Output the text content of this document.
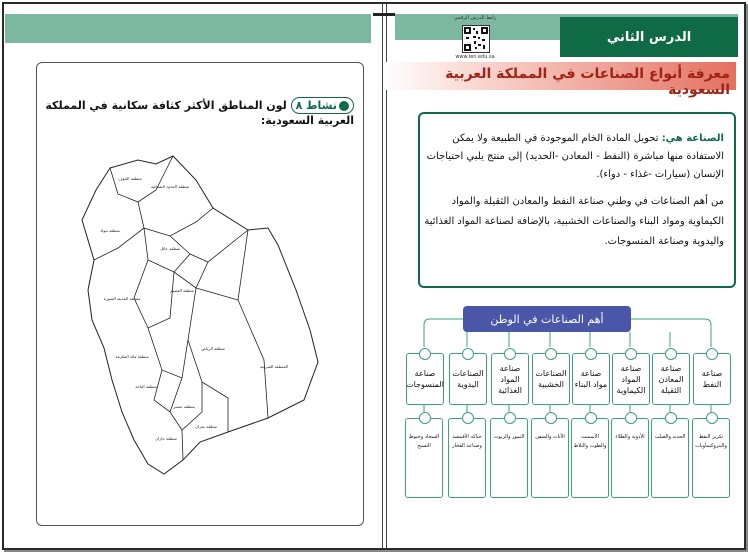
الدرس الثاني
رابط الدرس الرقمي
www.ien.edu.sa
معرفة أنواع الصناعات في المملكة العربية السعودية
الصناعة هي: تحويل المادة الخام الموجودة في الطبيعة ولا يمكن الاستفادة منها مباشرة (النفط - المعادن -الحديد) إلى منتج يلبي احتياجات الإنسان (سيارات -غذاء - دواء).
من أهم الصناعات في وطني صناعة النفط والمعادن الثقيلة والمواد الكيماوية ومواد البناء والصناعات الخشبية، بالإضافة لصناعة المواد الغذائية واليدوية وصناعة المنسوجات.
أهم الصناعات في الوطن
صناعة النفط
صناعة المعادن الثقيلة
صناعة المواد الكيماوية
صناعة مواد البناء
الصناعات الخشبية
صناعة المواد الغذائية
الصناعات اليدوية
صناعة المنسوجات
تكرير النفط والبتروكيماويات
الحديد والصلب
الأدوية والطلاء
الأسمنت والطوب والبلاط
الأثاث والسفن
التمور والزيوت
حياكة الأقمشة وصناعة الفخار
السجاد وخيوط النسيج
نشاط ٨ لون المناطق الأكثر كثافة سكانية في المملكة العربية السعودية:
منطقة الجوف
منطقة الحدود الشمالية
منطقة تبوك
منطقة حائل
منطقة القصيم
منطقة المدينة المنورة
منطقة الرياض
منطقة مكة المكرمة
المنطقة الشرقية
منطقة الباحة
منطقة عسير
منطقة جازان
منطقة نجران
